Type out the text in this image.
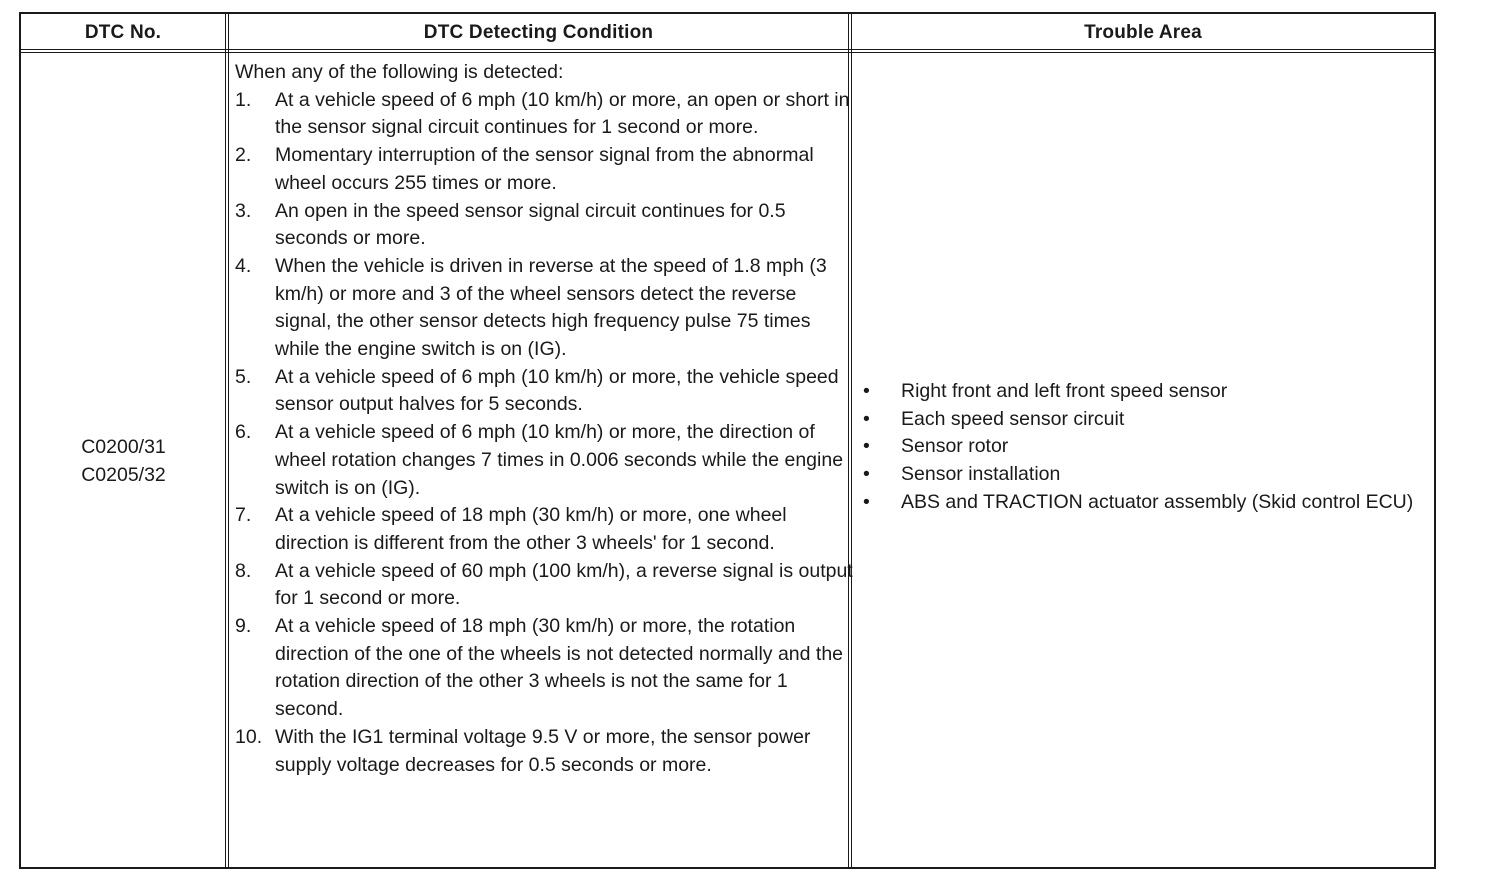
DTC No.	DTC Detecting Condition	Trouble Area
C0200/31
C0205/32

When any of the following is detected:

1. At a vehicle speed of 6 mph (10 km/h) or more, an open or short in the sensor signal circuit continues for 1 second or more.
2. Momentary interruption of the sensor signal from the abnormal wheel occurs 255 times or more.
3. An open in the speed sensor signal circuit continues for 0.5 seconds or more.
4. When the vehicle is driven in reverse at the speed of 1.8 mph (3 km/h) or more and 3 of the wheel sensors detect the reverse signal, the other sensor detects high frequency pulse 75 times while the engine switch is on (IG).
5. At a vehicle speed of 6 mph (10 km/h) or more, the vehicle speed sensor output halves for 5 seconds.
6. At a vehicle speed of 6 mph (10 km/h) or more, the direction of wheel rotation changes 7 times in 0.006 seconds while the engine switch is on (IG).
7. At a vehicle speed of 18 mph (30 km/h) or more, one wheel direction is different from the other 3 wheels' for 1 second.
8. At a vehicle speed of 60 mph (100 km/h), a reverse signal is output for 1 second or more.
9. At a vehicle speed of 18 mph (30 km/h) or more, the rotation direction of the one of the wheels is not detected normally and the rotation direction of the other 3 wheels is not the same for 1 second.
10. With the IG1 terminal voltage 9.5 V or more, the sensor power supply voltage decreases for 0.5 seconds or more.
• Right front and left front speed sensor
• Each speed sensor circuit
• Sensor rotor
• Sensor installation
• ABS and TRACTION actuator assembly (Skid control ECU)
